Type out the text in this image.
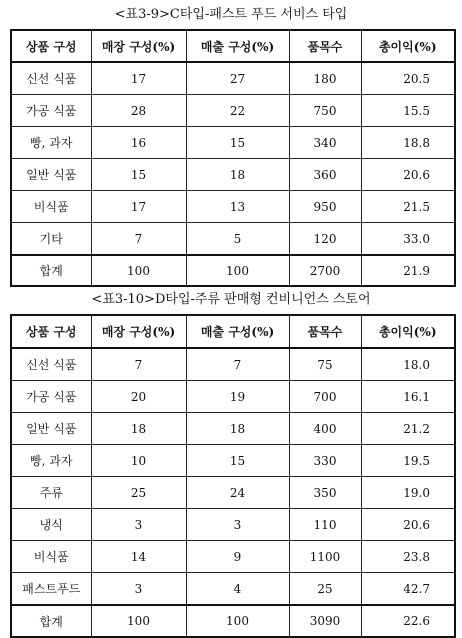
<표3-9>C타입-패스트 푸드 서비스 타입
상품 구성	매장 구성(%)	매출 구성(%)	품목수	총이익(%)
신선 식품	17	27	180	20.5
가공 식품	28	22	750	15.5
빵, 과자	16	15	340	18.8
일반 식품	15	18	360	20.6
비식품	17	13	950	21.5
기타	7	5	120	33.0
합계	100	100	2700	21.9
<표3-10>D타입-주류 판매형 컨비니언스 스토어
상품 구성	매장 구성(%)	매출 구성(%)	품목수	총이익(%)
신선 식품	7	7	75	18.0
가공 식품	20	19	700	16.1
일반 식품	18	18	400	21.2
빵, 과자	10	15	330	19.5
주류	25	24	350	19.0
냉식	3	3	110	20.6
비식품	14	9	1100	23.8
패스트푸드	3	4	25	42.7
합계	100	100	3090	22.6
